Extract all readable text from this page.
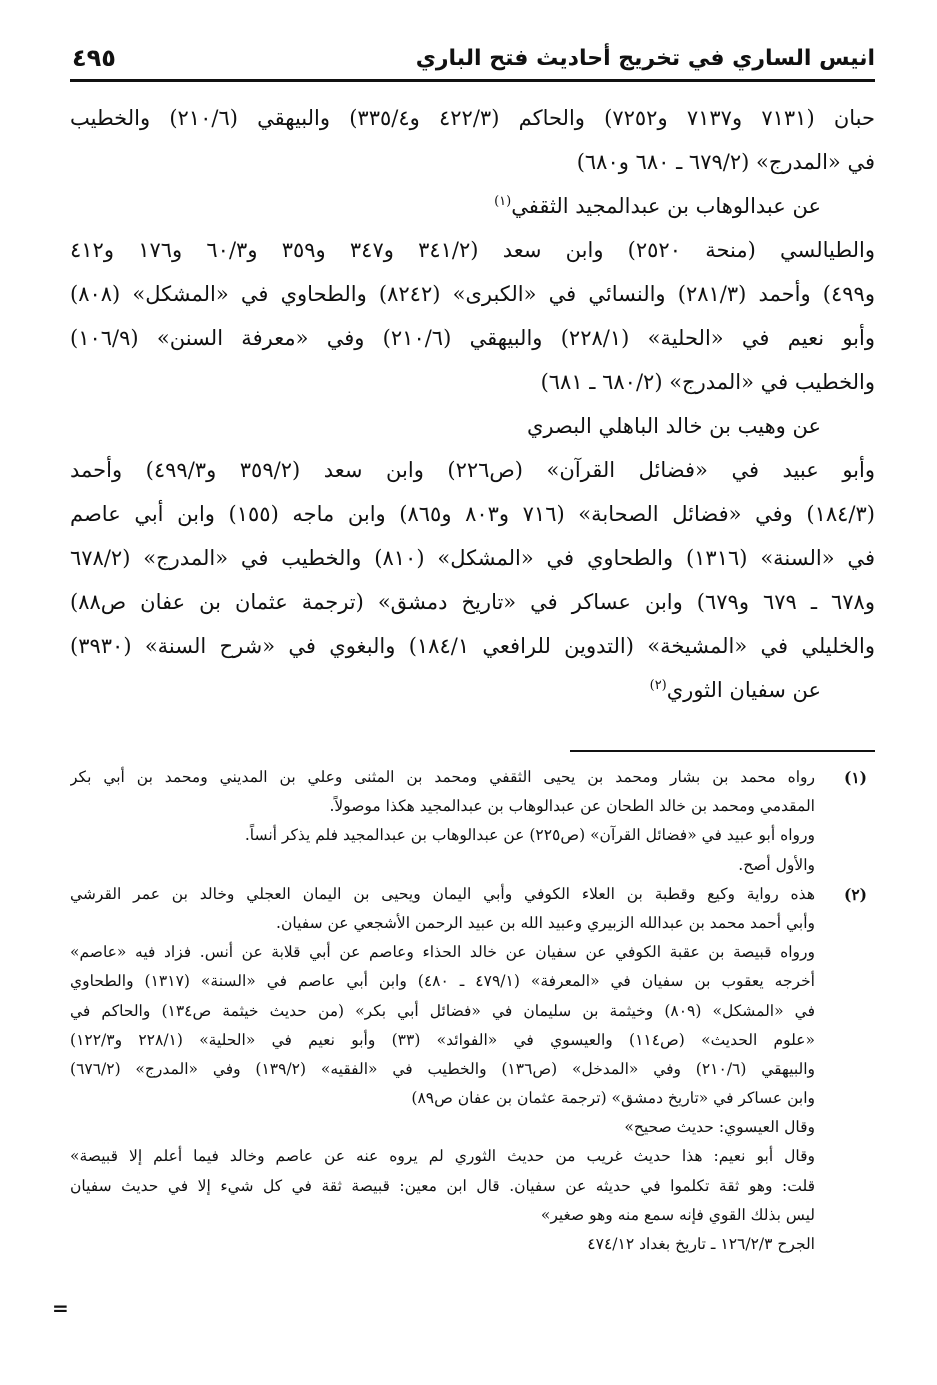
انيس الساري في تخريج أحاديث فتح الباري
٤٩٥
حبان (٧١٣١ و٧١٣٧ و٧٢٥٢) والحاكم (٤٢٢/٣ و٣٣٥/٤) والبيهقي (٢١٠/٦) والخطيب
في «المدرج» (٦٧٩/٢ ـ ٦٨٠ و٦٨٠)
عن عبدالوهاب بن عبدالمجيد الثقفي$^{(١)}$
والطيالسي (منحة ٢٥٢٠) وابن سعد (٣٤١/٢ و٣٤٧ و٣٥٩ و٦٠/٣ و١٧٦ و٤١٢
و٤٩٩) وأحمد (٢٨١/٣) والنسائي في «الكبرى» (٨٢٤٢) والطحاوي في «المشكل» (٨٠٨)
وأبو نعيم في «الحلية» (٢٢٨/١) والبيهقي (٢١٠/٦) وفي «معرفة السنن» (١٠٦/٩)
والخطيب في «المدرج» (٦٨٠/٢ ـ ٦٨١)
عن وهيب بن خالد الباهلي البصري
وأبو عبيد في «فضائل القرآن» (ص٢٢٦) وابن سعد (٣٥٩/٢ و٤٩٩/٣) وأحمد
(١٨٤/٣) وفي «فضائل الصحابة» (٧١٦ و٨٠٣ و٨٦٥) وابن ماجه (١٥٥) وابن أبي عاصم
في «السنة» (١٣١٦) والطحاوي في «المشكل» (٨١٠) والخطيب في «المدرج» (٦٧٨/٢
و٦٧٨ ـ ٦٧٩ و٦٧٩) وابن عساكر في «تاريخ دمشق» (ترجمة عثمان بن عفان ص٨٨)
والخليلي في «المشيخة» (التدوين للرافعي ١٨٤/١) والبغوي في «شرح السنة» (٣٩٣٠)
عن سفيان الثوري$^{(٢)}$
(١)
رواه محمد بن بشار ومحمد بن يحيى الثقفي ومحمد بن المثنى وعلي بن المديني ومحمد بن أبي بكر
المقدمي ومحمد بن خالد الطحان عن عبدالوهاب بن عبدالمجيد هكذا موصولاً.
ورواه أبو عبيد في «فضائل القرآن» (ص٢٢٥) عن عبدالوهاب بن عبدالمجيد فلم يذكر أنساً.
والأول أصح.
(٢)
هذه رواية وكيع وقطبة بن العلاء الكوفي وأبي اليمان ويحيى بن اليمان العجلي وخالد بن عمر القرشي
وأبي أحمد محمد بن عبدالله الزبيري وعبيد الله بن عبيد الرحمن الأشجعي عن سفيان.
ورواه قبيصة بن عقبة الكوفي عن سفيان عن خالد الحذاء وعاصم عن أبي قلابة عن أنس. فزاد فيه «عاصم»
أخرجه يعقوب بن سفيان في «المعرفة» (٤٧٩/١ ـ ٤٨٠) وابن أبي عاصم في «السنة» (١٣١٧) والطحاوي
في «المشكل» (٨٠٩) وخيثمة بن سليمان في «فضائل أبي بكر» (من حديث خيثمة ص١٣٤) والحاكم في
«علوم الحديث» (ص١١٤) والعيسوي في «الفوائد» (٣٣) وأبو نعيم في «الحلية» (٢٢٨/١ و١٢٢/٣)
والبيهقي (٢١٠/٦) وفي «المدخل» (ص١٣٦) والخطيب في «الفقيه» (١٣٩/٢) وفي «المدرج» (٦٧٦/٢)
وابن عساكر في «تاريخ دمشق» (ترجمة عثمان بن عفان ص٨٩)
وقال العيسوي: حديث صحيح»
وقال أبو نعيم: هذا حديث غريب من حديث الثوري لم يروه عنه عن عاصم وخالد فيما أعلم إلا قبيصة»
قلت: وهو ثقة تكلموا في حديثه عن سفيان. قال ابن معين: قبيصة ثقة في كل شيء إلا في حديث سفيان
ليس بذلك القوي فإنه سمع منه وهو صغير»
الجرح ١٢٦/٢/٣ ـ تاريخ بغداد ٤٧٤/١٢
=
